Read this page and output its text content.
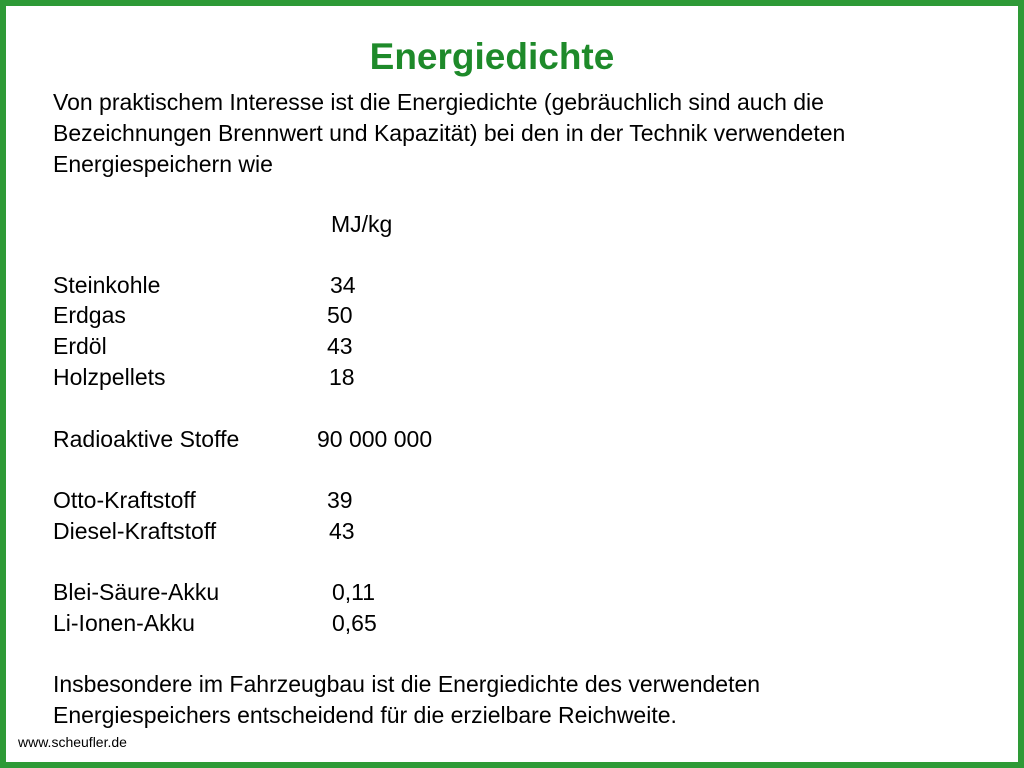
Energiedichte
Von praktischem Interesse ist die Energiedichte (gebräuchlich sind auch die
Bezeichnungen Brennwert und Kapazität) bei den in der Technik verwendeten
Energiespeichern wie
MJ/kg
Steinkohle	34
Erdgas	50
Erdöl	43
Holzpellets	18
Radioaktive Stoffe	90 000 000
Otto-Kraftstoff	39
Diesel-Kraftstoff	43
Blei-Säure-Akku	0,11
Li-Ionen-Akku	0,65
Insbesondere im Fahrzeugbau ist die Energiedichte des verwendeten
Energiespeichers entscheidend für die erzielbare Reichweite.
www.scheufler.de
